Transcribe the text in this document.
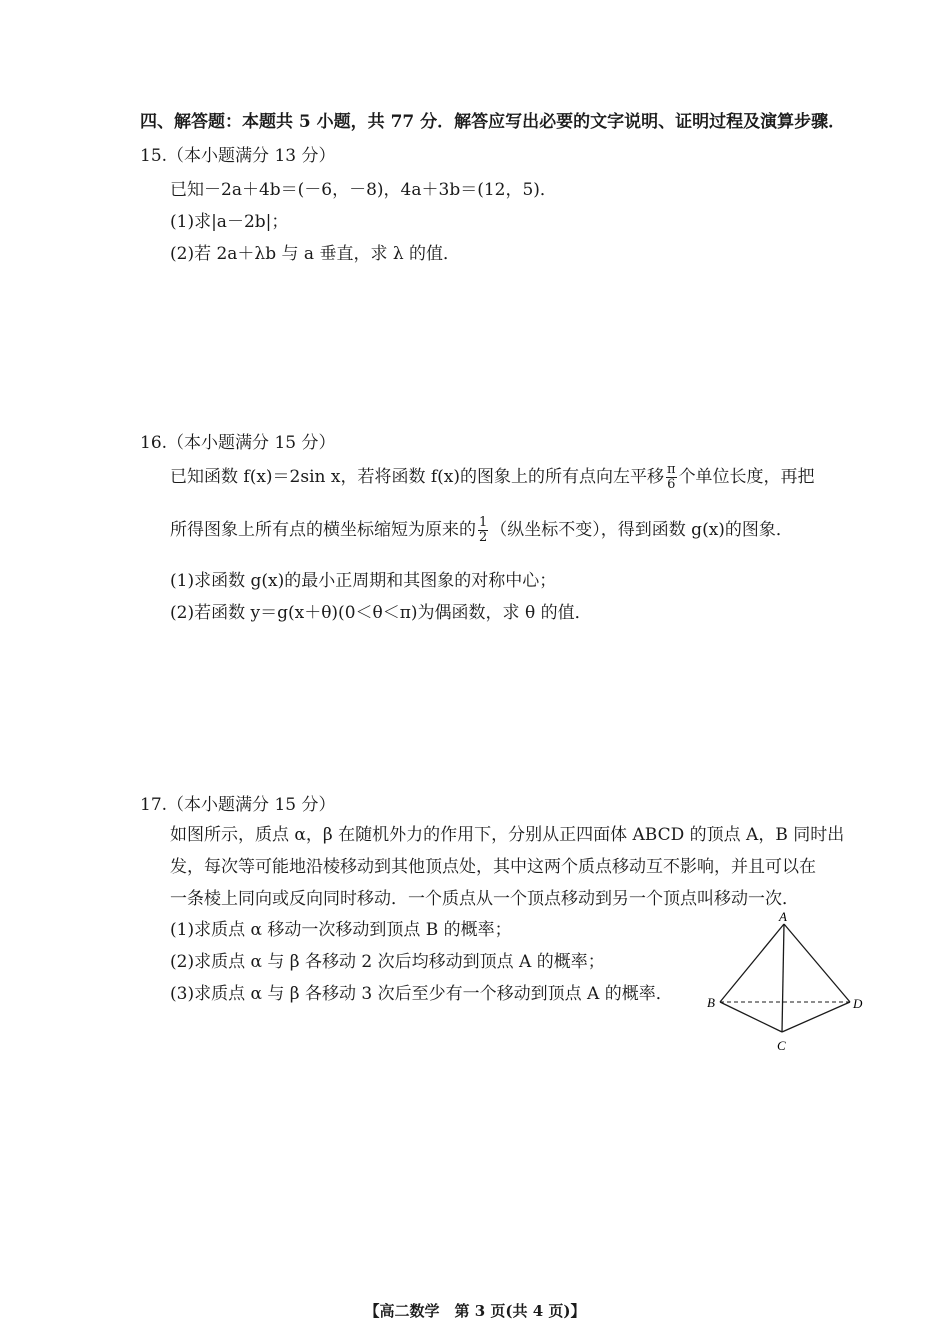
四、解答题：本题共 5 小题，共 77 分．解答应写出必要的文字说明、证明过程及演算步骤．
15.（本小题满分 13 分）
已知－2a＋4b＝(－6，－8)，4a＋3b＝(12，5)．
(1)求|a－2b|；
(2)若 2a＋λb 与 a 垂直，求 λ 的值．
16.（本小题满分 15 分）
已知函数 f(x)＝2sin x，若将函数 f(x)的图象上的所有点向左平移 $\frac{\pi}{6}$ 个单位长度，再把
所得图象上所有点的横坐标缩短为原来的 $\frac{1}{2}$ （纵坐标不变），得到函数 g(x)的图象．
(1)求函数 g(x)的最小正周期和其图象的对称中心；
(2)若函数 y＝g(x＋θ)(0＜θ＜π)为偶函数，求 θ 的值．
17.（本小题满分 15 分）
如图所示，质点 α，β 在随机外力的作用下，分别从正四面体 ABCD 的顶点 A，B 同时出
发，每次等可能地沿棱移动到其他顶点处，其中这两个质点移动互不影响，并且可以在
一条棱上同向或反向同时移动．一个质点从一个顶点移动到另一个顶点叫移动一次．
(1)求质点 α 移动一次移动到顶点 B 的概率；
(2)求质点 α 与 β 各移动 2 次后均移动到顶点 A 的概率；
(3)求质点 α 与 β 各移动 3 次后至少有一个移动到顶点 A 的概率．
A
B
C
D
【高二数学　第 3 页(共 4 页)】
